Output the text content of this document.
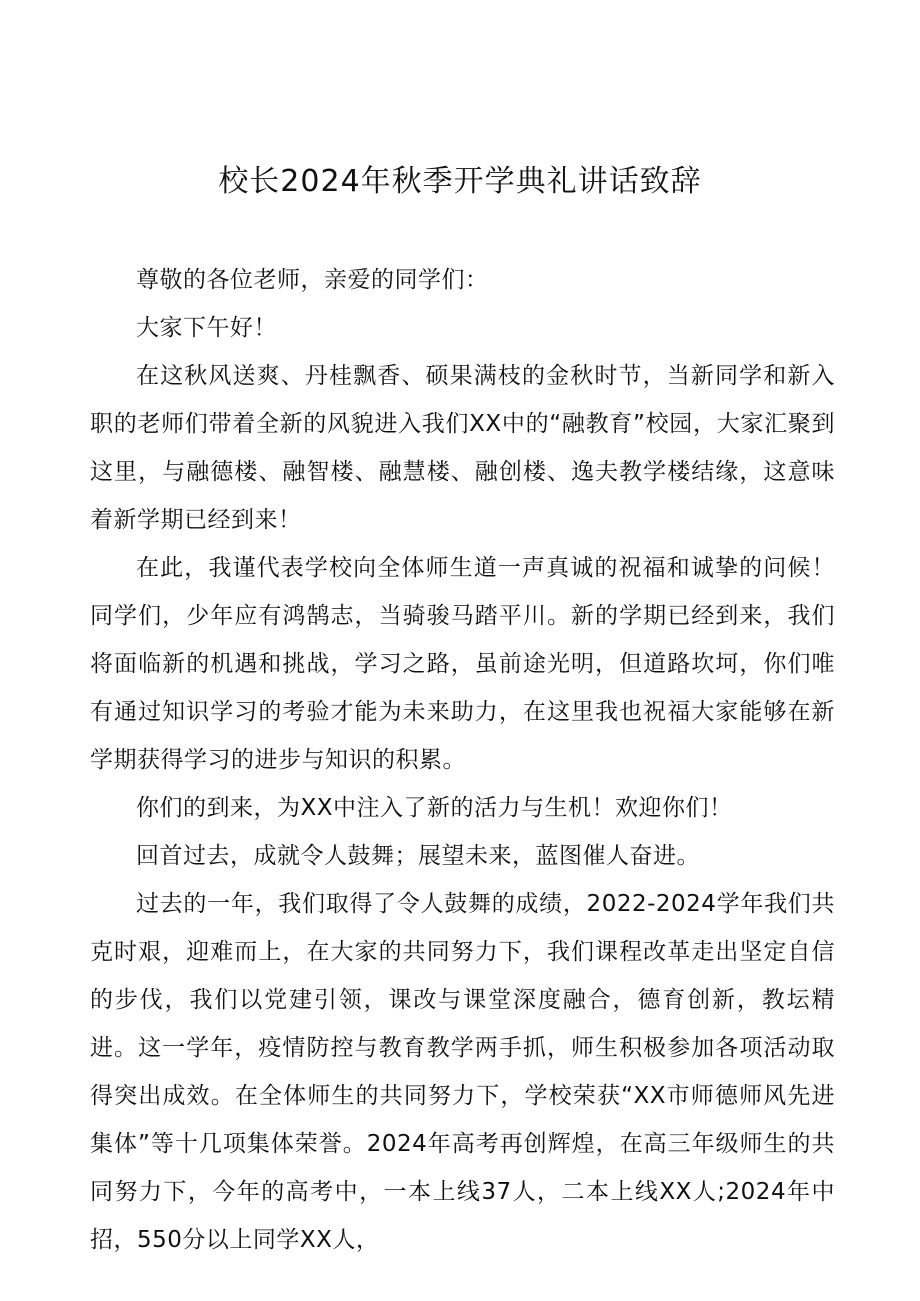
校长2024年秋季开学典礼讲话致辞

尊敬的各位老师，亲爱的同学们：

大家下午好！

在这秋风送爽、丹桂飘香、硕果满枝的金秋时节，当新同学和新入职的老师们带着全新的风貌进入我们XX中的“融教育”校园，大家汇聚到这里，与融德楼、融智楼、融慧楼、融创楼、逸夫教学楼结缘，这意味着新学期已经到来！

在此，我谨代表学校向全体师生道一声真诚的祝福和诚挚的问候！同学们，少年应有鸿鹄志，当骑骏马踏平川。新的学期已经到来，我们将面临新的机遇和挑战，学习之路，虽前途光明，但道路坎坷，你们唯有通过知识学习的考验才能为未来助力，在这里我也祝福大家能够在新学期获得学习的进步与知识的积累。

你们的到来，为XX中注入了新的活力与生机！欢迎你们！

回首过去，成就令人鼓舞；展望未来，蓝图催人奋进。

过去的一年，我们取得了令人鼓舞的成绩，2022-2024学年我们共克时艰，迎难而上，在大家的共同努力下，我们课程改革走出坚定自信的步伐，我们以党建引领，课改与课堂深度融合，德育创新，教坛精进。这一学年，疫情防控与教育教学两手抓，师生积极参加各项活动取得突出成效。在全体师生的共同努力下，学校荣获“XX市师德师风先进集体”等十几项集体荣誉。2024年高考再创辉煌，在高三年级师生的共同努力下，今年的高考中，一本上线37人，二本上线XX人;2024年中招，550分以上同学XX人，
